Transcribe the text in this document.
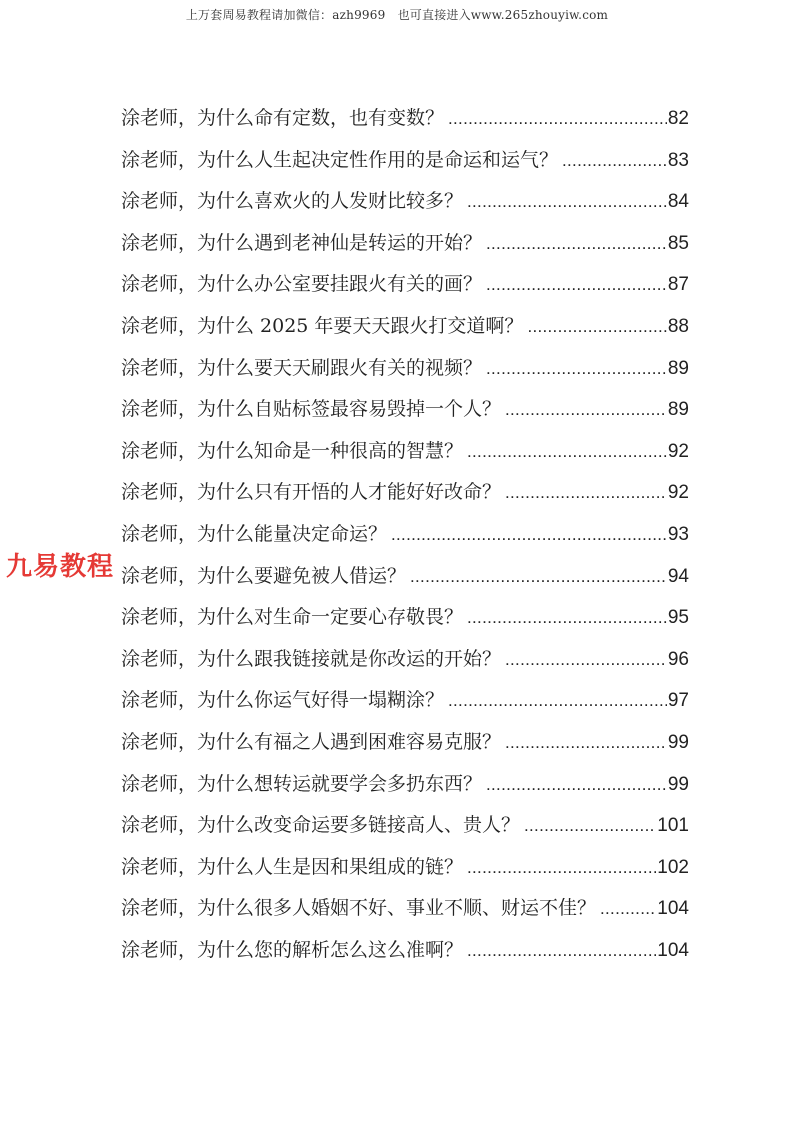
上万套周易教程请加微信：azh9969　也可直接进入www.265zhouyiw.com
九易教程
涂老师，为什么命有定数，也有变数？ .....	82
涂老师，为什么人生起决定性作用的是命运和运气？ .....	83
涂老师，为什么喜欢火的人发财比较多？ .....	84
涂老师，为什么遇到老神仙是转运的开始？ .....	85
涂老师，为什么办公室要挂跟火有关的画？ .....	87
涂老师，为什么 2025 年要天天跟火打交道啊？ .....	88
涂老师，为什么要天天刷跟火有关的视频？ .....	89
涂老师，为什么自贴标签最容易毁掉一个人？ .....	89
涂老师，为什么知命是一种很高的智慧？ .....	92
涂老师，为什么只有开悟的人才能好好改命？ .....	92
涂老师，为什么能量决定命运？ .....	93
涂老师，为什么要避免被人借运？ .....	94
涂老师，为什么对生命一定要心存敬畏？ .....	95
涂老师，为什么跟我链接就是你改运的开始？ .....	96
涂老师，为什么你运气好得一塌糊涂？ .....	97
涂老师，为什么有福之人遇到困难容易克服？ .....	99
涂老师，为什么想转运就要学会多扔东西？ .....	99
涂老师，为什么改变命运要多链接高人、贵人？ .....	101
涂老师，为什么人生是因和果组成的链？ .....	102
涂老师，为什么很多人婚姻不好、事业不顺、财运不佳？ .....	104
涂老师，为什么您的解析怎么这么准啊？ .....	104
